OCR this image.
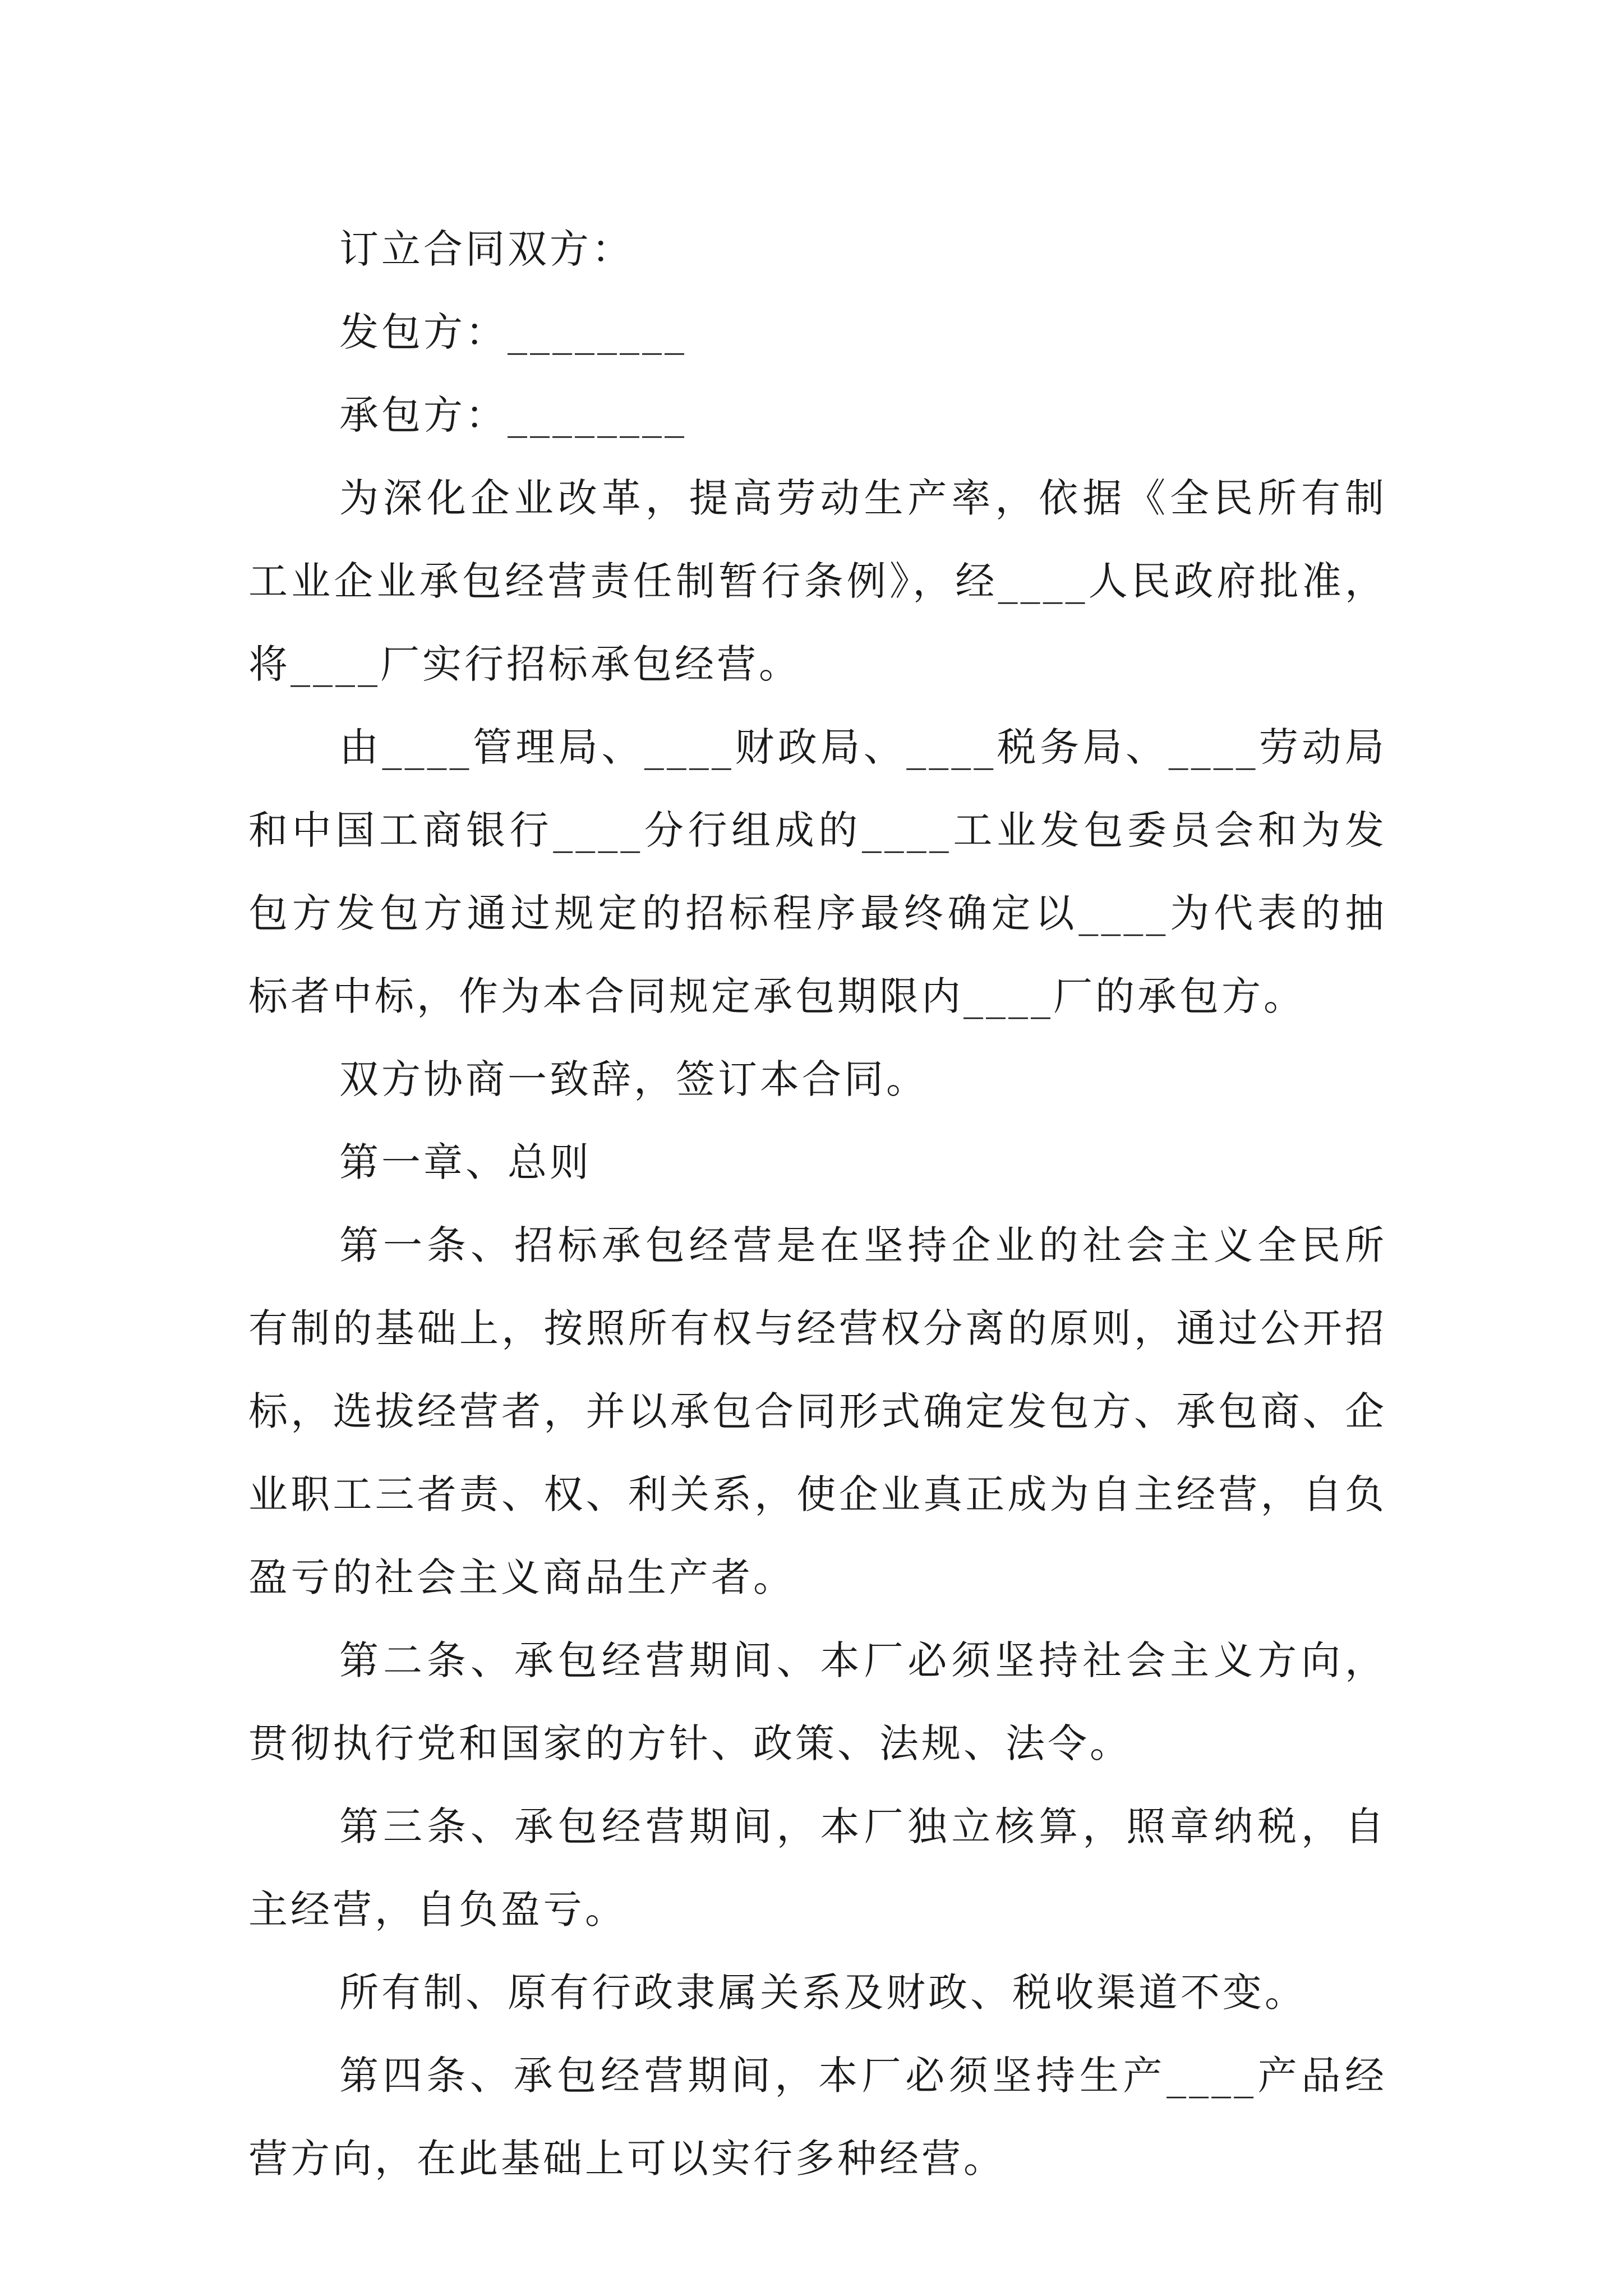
订立合同双方：

发包方：________

承包方：________

为深化企业改革，提高劳动生产率，依据《全民所有制工业企业承包经营责任制暂行条例》，经____人民政府批准，将____厂实行招标承包经营。

由____管理局、____财政局、____税务局、____劳动局和中国工商银行____分行组成的____工业发包委员会和为发包方发包方通过规定的招标程序最终确定以____为代表的抽标者中标，作为本合同规定承包期限内____厂的承包方。

双方协商一致辞，签订本合同。

第一章、总则

第一条、招标承包经营是在坚持企业的社会主义全民所有制的基础上，按照所有权与经营权分离的原则，通过公开招标，选拔经营者，并以承包合同形式确定发包方、承包商、企业职工三者责、权、利关系，使企业真正成为自主经营，自负盈亏的社会主义商品生产者。

第二条、承包经营期间、本厂必须坚持社会主义方向，贯彻执行党和国家的方针、政策、法规、法令。

第三条、承包经营期间，本厂独立核算，照章纳税，自主经营，自负盈亏。

所有制、原有行政隶属关系及财政、税收渠道不变。

第四条、承包经营期间，本厂必须坚持生产____产品经营方向，在此基础上可以实行多种经营。
